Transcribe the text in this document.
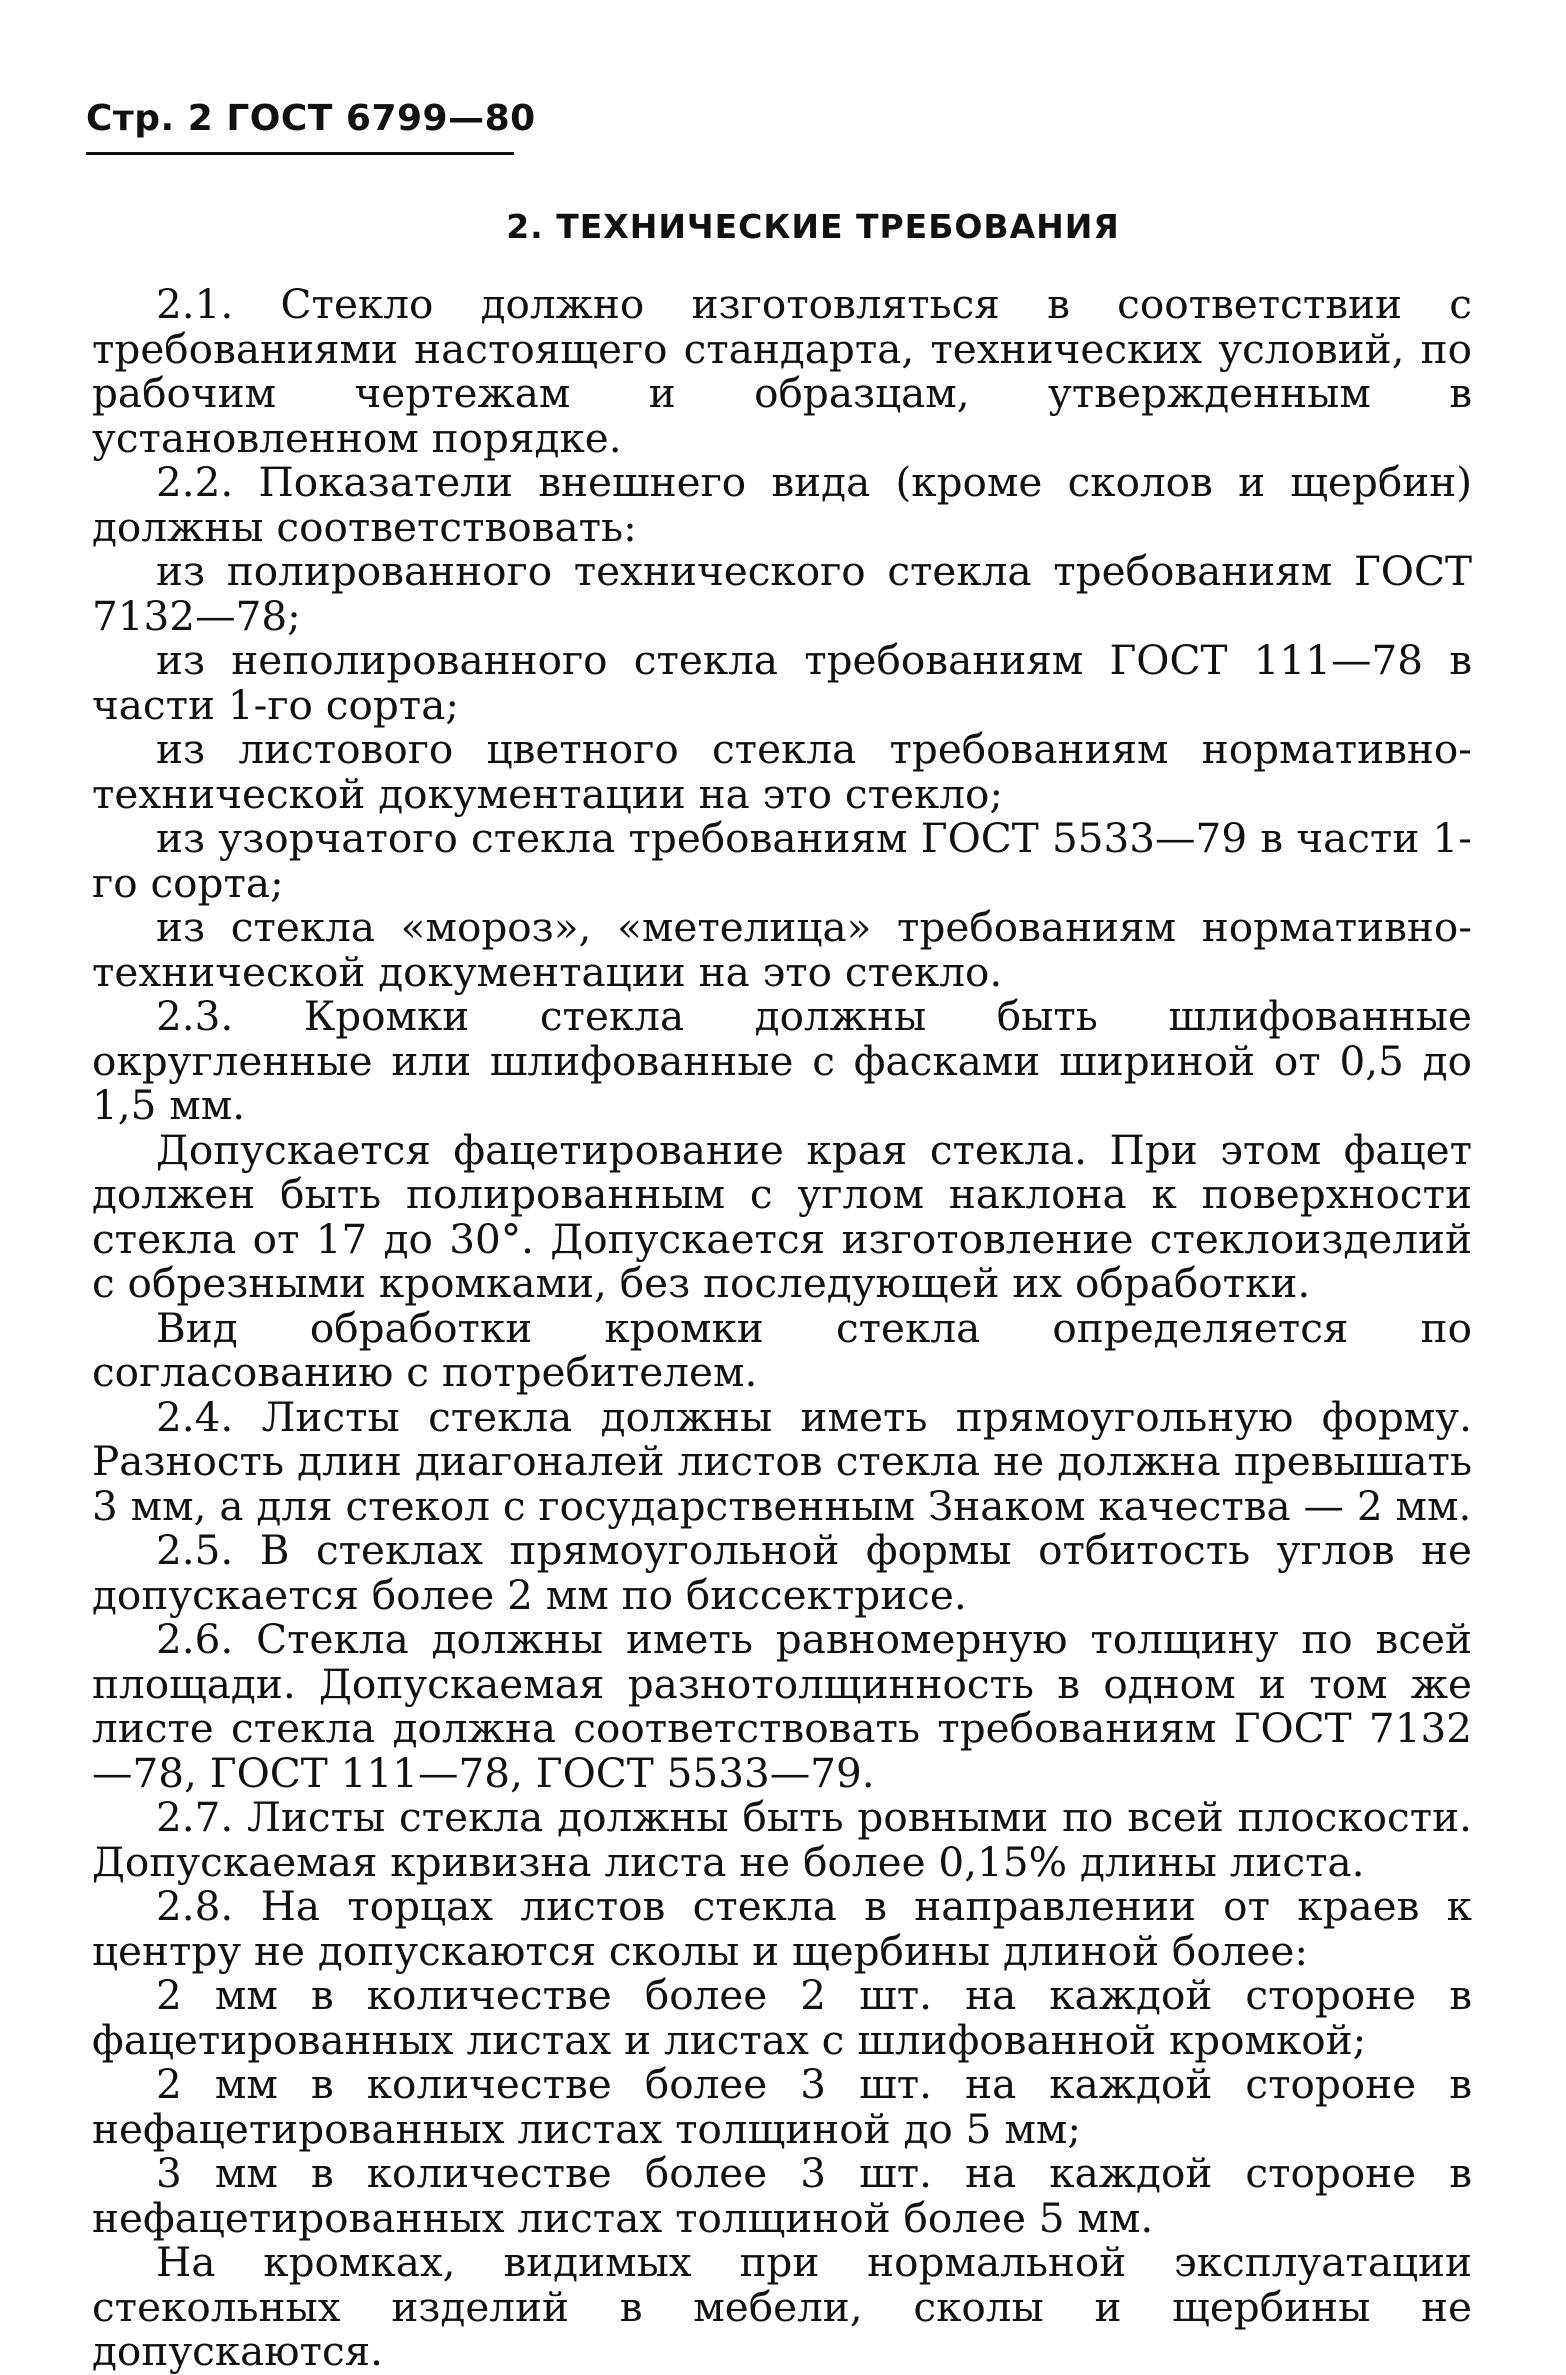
Стр. 2 ГОСТ 6799—80
2. ТЕХНИЧЕСКИЕ ТРЕБОВАНИЯ

2.1. Стекло должно изготовляться в соответствии с требованиями настоящего стандарта, технических условий, по рабочим чертежам и образцам, утвержденным в установленном порядке.

2.2. Показатели внешнего вида (кроме сколов и щербин) должны соответствовать:

из полированного технического стекла требованиям ГОСТ 7132—78;

из неполированного стекла требованиям ГОСТ 111—78 в части 1-го сорта;

из листового цветного стекла требованиям нормативно-технической документации на это стекло;

из узорчатого стекла требованиям ГОСТ 5533—79 в части 1-го сорта;

из стекла «мороз», «метелица» требованиям нормативно-технической документации на это стекло.

2.3. Кромки стекла должны быть шлифованные округленные или шлифованные с фасками шириной от 0,5 до 1,5 мм.

Допускается фацетирование края стекла. При этом фацет должен быть полированным с углом наклона к поверхности стекла от 17 до 30°. Допускается изготовление стеклоизделий с обрезными кромками, без последующей их обработки.

Вид обработки кромки стекла определяется по согласованию с потребителем.

2.4. Листы стекла должны иметь прямоугольную форму. Разность длин диагоналей листов стекла не должна превышать 3 мм, а для стекол с государственным Знаком качества — 2 мм.

2.5. В стеклах прямоугольной формы отбитость углов не допускается более 2 мм по биссектрисе.

2.6. Стекла должны иметь равномерную толщину по всей площади. Допускаемая разнотолщинность в одном и том же листе стекла должна соответствовать требованиям ГОСТ 7132—78, ГОСТ 111—78, ГОСТ 5533—79.

2.7. Листы стекла должны быть ровными по всей плоскости. Допускаемая кривизна листа не более 0,15% длины листа.

2.8. На торцах листов стекла в направлении от краев к центру не допускаются сколы и щербины длиной более:

2 мм в количестве более 2 шт. на каждой стороне в фацетированных листах и листах с шлифованной кромкой;

2 мм в количестве более 3 шт. на каждой стороне в нефацетированных листах толщиной до 5 мм;

3 мм в количестве более 3 шт. на каждой стороне в нефацетированных листах толщиной более 5 мм.

На кромках, видимых при нормальной эксплуатации стекольных изделий в мебели, сколы и щербины не допускаются.
